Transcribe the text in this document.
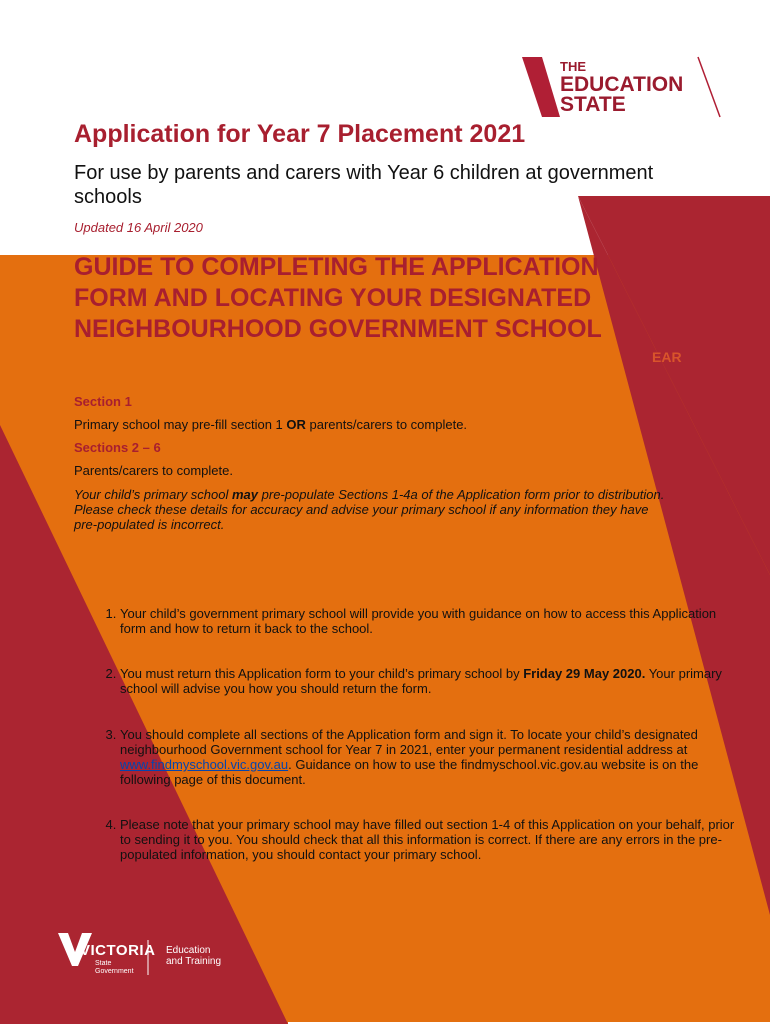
THE
EDUCATION
STATE
Application for Year 7 Placement 2021

For use by parents and carers with Year 6 children at government schools

Updated 16 April 2020
GUIDE TO COMPLETING THE APPLICATION
FORM AND LOCATING YOUR DESIGNATED
NEIGHBOURHOOD GOVERNMENT SCHOOL
EAR
Section 1
Primary school may pre-fill section 1 OR parents/carers to complete.
Sections 2 – 6
Parents/carers to complete.
Your child’s primary school may pre-populate Sections 1-4a of the Application form prior to distribution. Please check these details for accuracy and advise your primary school if any information they have pre-populated is incorrect.
1. Your child’s government primary school will provide you with guidance on how to access this Application form and how to return it back to the school.
2. You must return this Application form to your child’s primary school by Friday 29 May 2020. Your primary school will advise you how you should return the form.
3. You should complete all sections of the Application form and sign it. To locate your child’s designated neighbourhood Government school for Year 7 in 2021, enter your permanent residential address at www.findmyschool.vic.gov.au. Guidance on how to use the findmyschool.vic.gov.au website is on the following page of this document.
4. Please note that your primary school may have filled out section 1-4 of this Application on your behalf, prior to sending it to you. You should check that all this information is correct. If there are any errors in the pre-populated information, you should contact your primary school.
VICTORIA
State
Government
Education
and Training
